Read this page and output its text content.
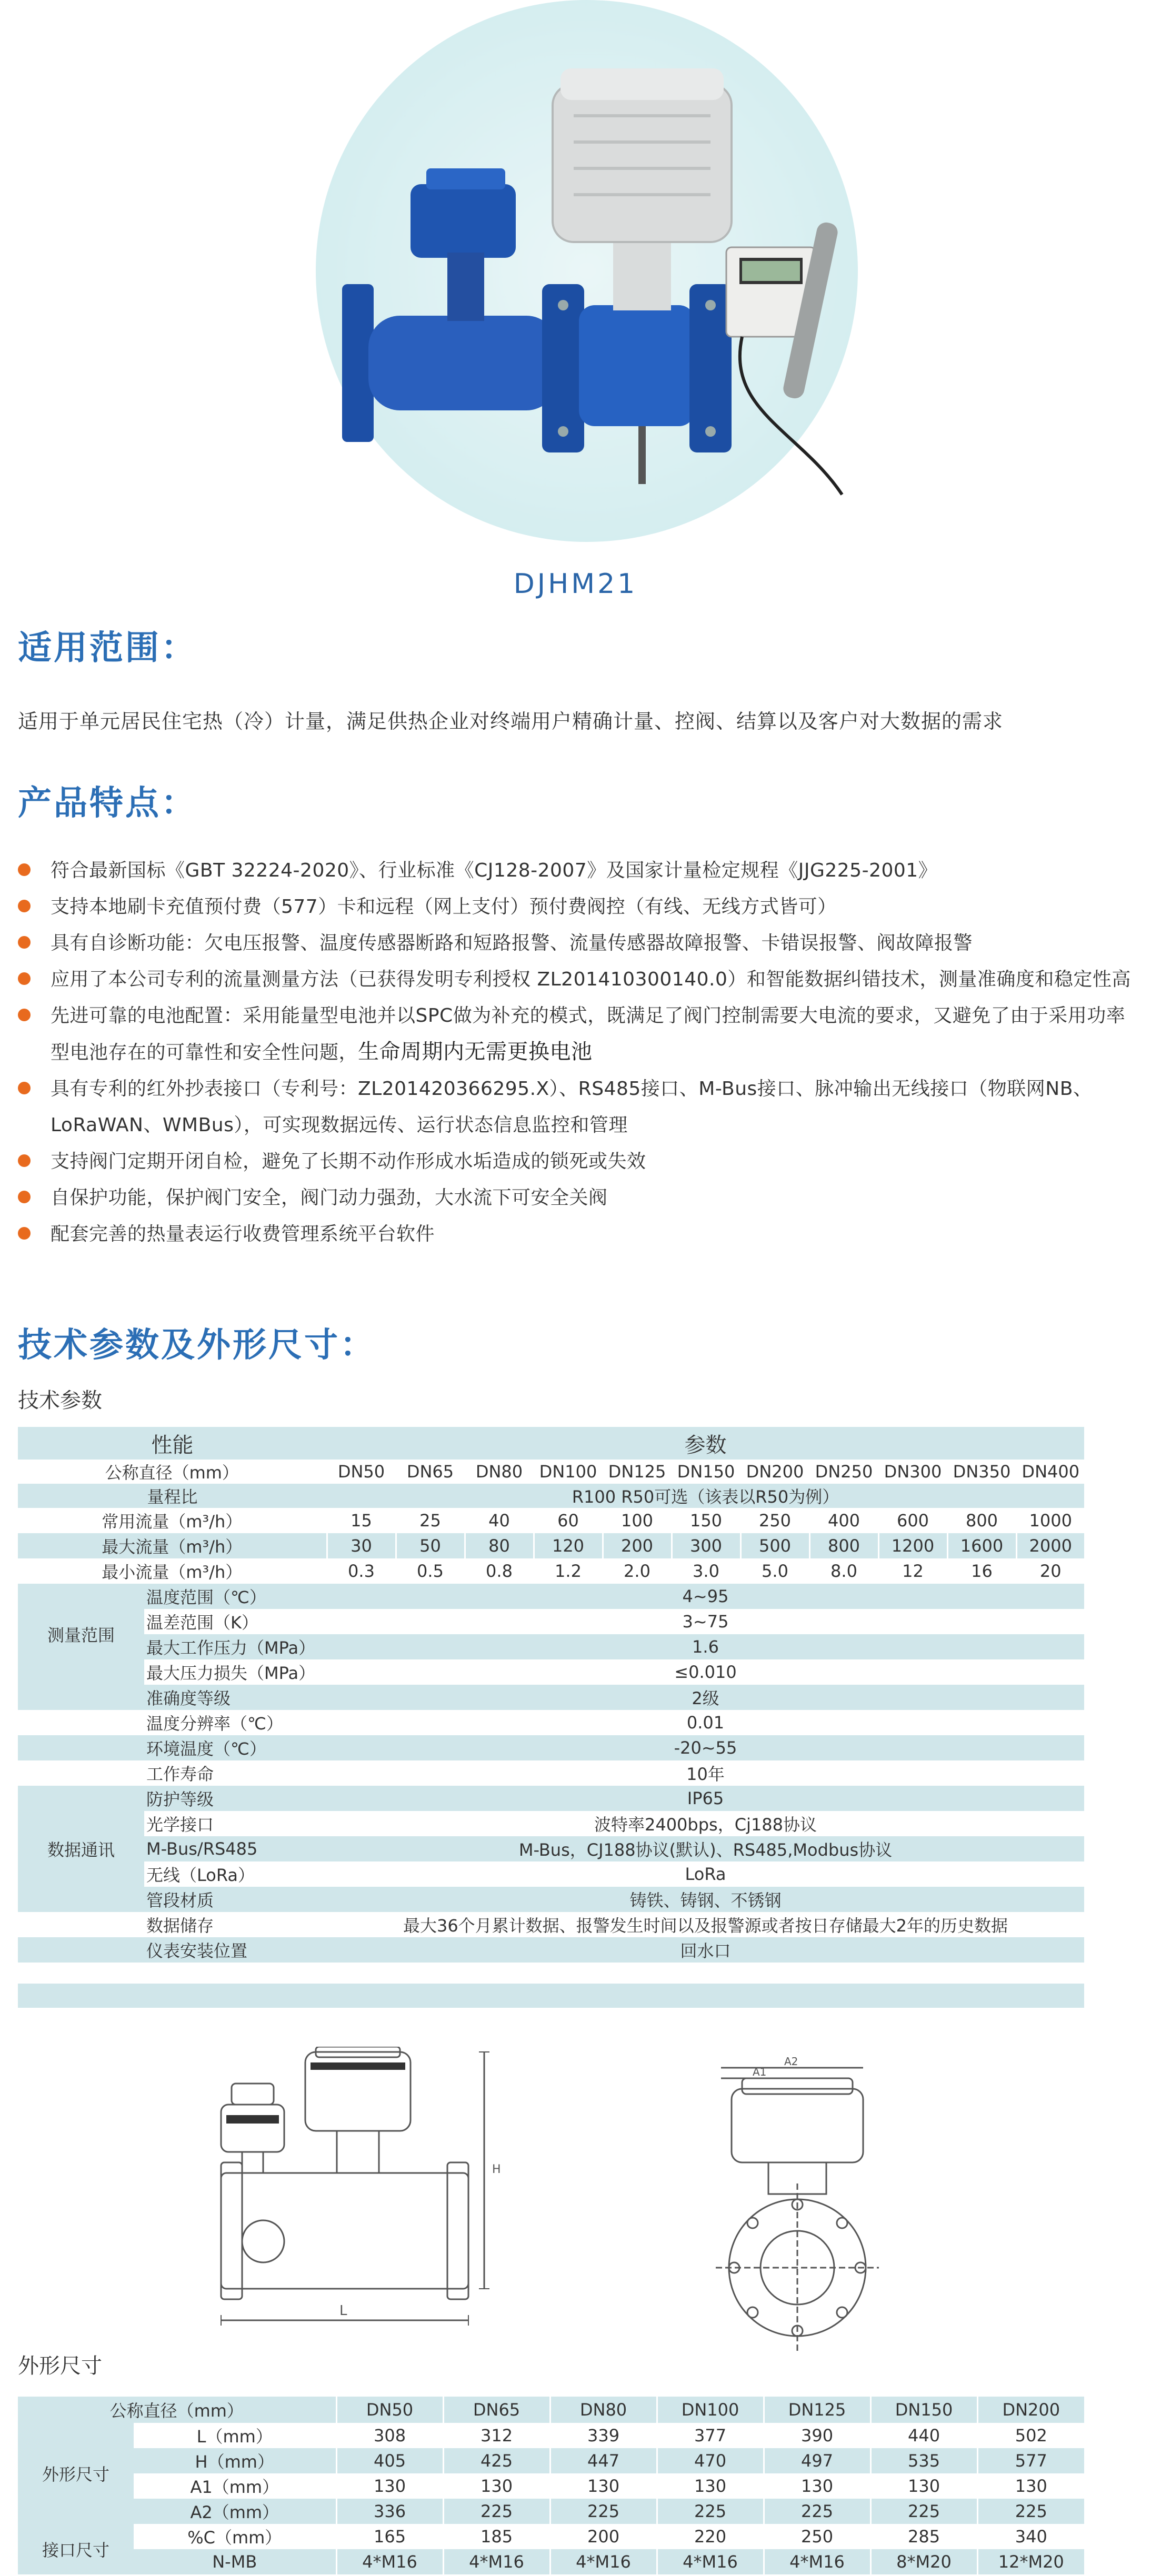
DJHM21
适用范围：
适用于单元居民住宅热（冷）计量，满足供热企业对终端用户精确计量、控阀、结算以及客户对大数据的需求
产品特点：
符合最新国标《GBT 32224-2020》、行业标准《CJ128-2007》及国家计量检定规程《JJG225-2001》
支持本地刷卡充值预付费（577）卡和远程（网上支付）预付费阀控（有线、无线方式皆可）
具有自诊断功能：欠电压报警、温度传感器断路和短路报警、流量传感器故障报警、卡错误报警、阀故障报警
应用了本公司专利的流量测量方法（已获得发明专利授权 ZL201410300140.0）和智能数据纠错技术，测量准确度和稳定性高
先进可靠的电池配置：采用能量型电池并以SPC做为补充的模式，既满足了阀门控制需要大电流的要求，又避免了由于采用功率型电池存在的可靠性和安全性问题，生命周期内无需更换电池
具有专利的红外抄表接口（专利号：ZL201420366295.X）、RS485接口、M-Bus接口、脉冲输出无线接口（物联网NB、LoRaWAN、WMBus），可实现数据远传、运行状态信息监控和管理
支持阀门定期开闭自检，避免了长期不动作形成水垢造成的锁死或失效
自保护功能，保护阀门安全，阀门动力强劲，大水流下可安全关阀
配套完善的热量表运行收费管理系统平台软件
技术参数及外形尺寸：
技术参数
性能		参数										
公称直径（mm）		DN50	DN65	DN80	DN100	DN125	DN150	DN200	DN250	DN300	DN350	DN400
量程比		R100 R50可选（该表以R50为例）										
常用流量（m³/h）		15	25	40	60	100	150	250	400	600	800	1000
最大流量（m³/h）		30	50	80	120	200	300	500	800	1200	1600	2000
最小流量（m³/h）		0.3	0.5	0.8	1.2	2.0	3.0	5.0	8.0	12	16	20
测量范围	温度范围（℃）	4~95										
	温差范围（K）	3~75										
	最大工作压力（MPa）	1.6										
	最大压力损失（MPa）	≤0.010										
	准确度等级	2级										
	温度分辨率（℃）	0.01										
	环境温度（℃）	-20~55										
	工作寿命	10年										
	防护等级	IP65										
数据通讯	光学接口	波特率2400bps，Cj188协议										
	M-Bus/RS485	M-Bus，CJ188协议(默认)、RS485,Modbus协议										
	无线（LoRa）	LoRa										
	管段材质	铸铁、铸钢、不锈钢										
	数据储存	最大36个月累计数据、报警发生时间以及报警源或者按日存储最大2年的历史数据										
	仪表安装位置	回水口										

H
L
A1
A2
外形尺寸
公称直径（mm）		DN50	DN65	DN80	DN100	DN125	DN150	DN200
外形尺寸	L（mm）	308	312	339	377	390	440	502
	H（mm）	405	425	447	470	497	535	577
	A1（mm）	130	130	130	130	130	130	130
	A2（mm）	336	225	225	225	225	225	225
接口尺寸	%C（mm）	165	185	200	220	250	285	340
	N-MB	4*M16	4*M16	4*M16	4*M16	4*M16	8*M20	12*M20
